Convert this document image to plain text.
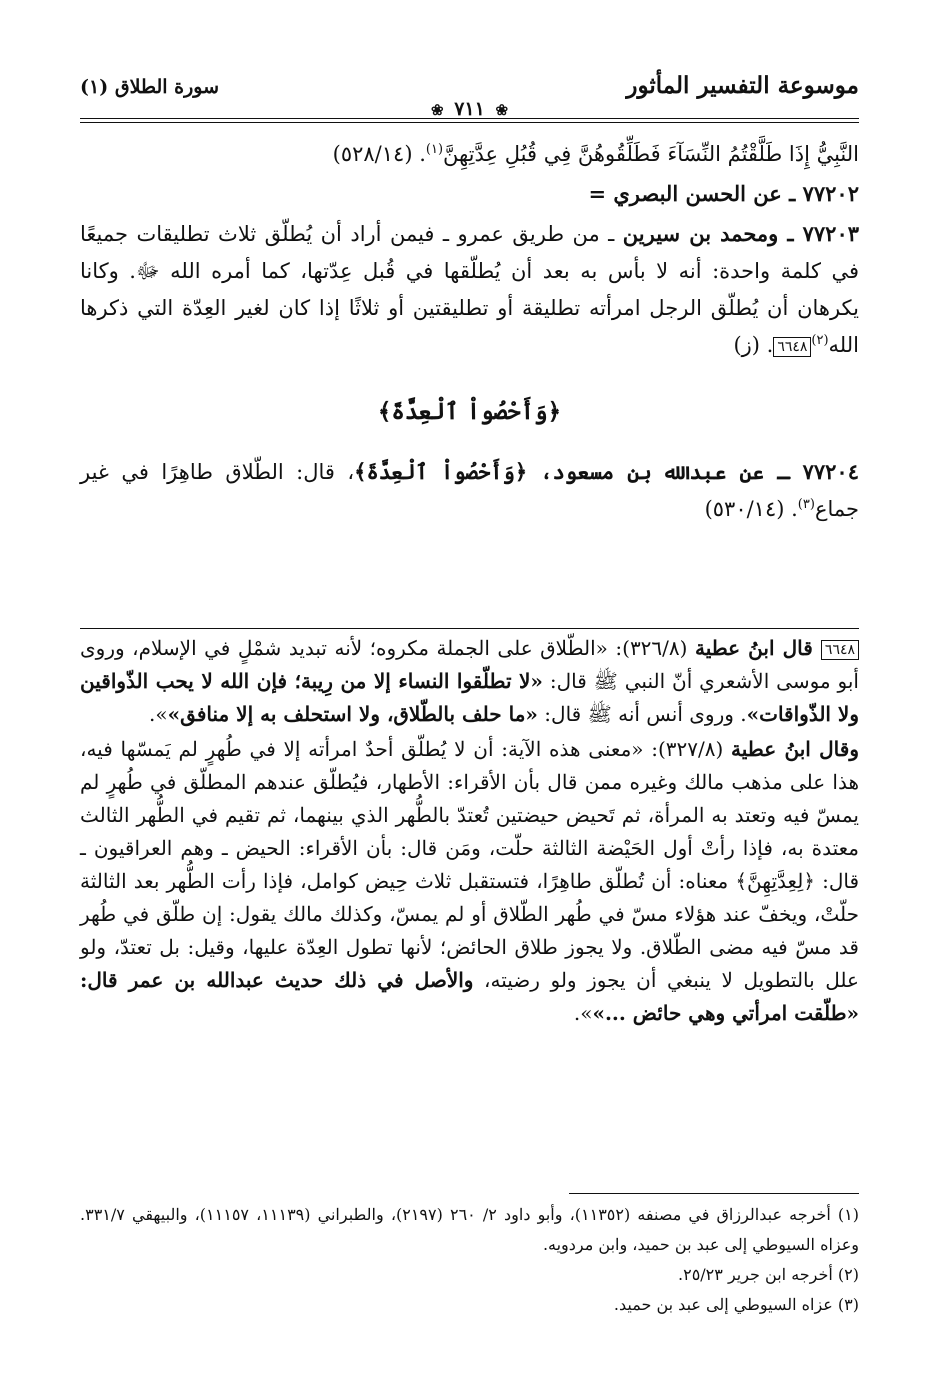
موسوعة التفسير المأثور
سورة الطلاق (١)
❀ ٧١١ ❀

النَّبِيُّ إِذَا طَلَّقْتُمُ النِّسَآءَ فَطَلِّقُوهُنَّ فِي قُبُلِ عِدَّتِهِنَّ$^{(١)}$. (٥٢٨/١٤)

٧٧٢٠٢ ـ عن الحسن البصري =

٧٧٢٠٣ ـ ومحمد بن سيرين ـ من طريق عمرو ـ فيمن أراد أن يُطلّق ثلاث تطليقات جميعًا في كلمة واحدة: أنه لا بأس به بعد أن يُطلّقها في قُبل عِدّتها، كما أمره الله ﷻ. وكانا يكرهان أن يُطلّق الرجل امرأته تطليقة أو تطليقتين أو ثلاثًا إذا كان لغير العِدّة التي ذكرها الله$^{(٢)}$٦٦٤٨. (ز)

﴿وَأَحْصُواْ ٱلْعِدَّةَ﴾

٧٧٢٠٤ ـ عن عبدالله بن مسعود، ﴿وَأَحْصُواْ ٱلْعِدَّةَ﴾، قال: الطّلاق طاهِرًا في غير جماع$^{(٣)}$. (٥٣٠/١٤)

٦٦٤٨ قال ابنُ عطية (٣٢٦/٨): «الطّلاق على الجملة مكروه؛ لأنه تبديد شمْلٍ في الإسلام، وروى أبو موسى الأشعري أنّ النبي ﷺ قال: «لا تطلّقوا النساء إلا من رِيبة؛ فإن الله لا يحب الذّواقين ولا الذّواقات». وروى أنس أنه ﷺ قال: «ما حلف بالطّلاق، ولا استحلف به إلا منافق»».

وقال ابنُ عطية (٣٢٧/٨): «معنى هذه الآية: أن لا يُطلّق أحدٌ امرأته إلا في طُهرٍ لم يَمسّها فيه، هذا على مذهب مالك وغيره ممن قال بأن الأقراء: الأطهار، فيُطلّق عندهم المطلّق في طُهرٍ لم يمسّ فيه وتعتد به المرأة، ثم تَحيض حيضتين تُعتدّ بالطُّهر الذي بينهما، ثم تقيم في الطُّهر الثالث معتدة به، فإذا رأتْ أول الحَيْضة الثالثة حلّت، ومَن قال: بأن الأقراء: الحيض ـ وهم العراقيون ـ قال: ﴿لِعِدَّتِهِنَّ﴾ معناه: أن تُطلّق طاهِرًا، فتستقبل ثلاث حِيض كوامل، فإذا رأت الطُّهر بعد الثالثة حلّتْ، ويخفّ عند هؤلاء مسّ في طُهر الطّلاق أو لم يمسّ، وكذلك مالك يقول: إن طلّق في طُهر قد مسّ فيه مضى الطّلاق. ولا يجوز طلاق الحائض؛ لأنها تطول العِدّة عليها، وقيل: بل تعتدّ، ولو علل بالتطويل لا ينبغي أن يجوز ولو رضيته، والأصل في ذلك حديث عبدالله بن عمر قال: «طلّقت امرأتي وهي حائض ...»».

(١) أخرجه عبدالرزاق في مصنفه (١١٣٥٢)، وأبو داود ٢/ ٢٦٠ (٢١٩٧)، والطبراني (١١١٣٩، ١١١٥٧)، والبيهقي ٣٣١/٧. وعزاه السيوطي إلى عبد بن حميد، وابن مردويه.

(٢) أخرجه ابن جرير ٢٥/٢٣.

(٣) عزاه السيوطي إلى عبد بن حميد.
